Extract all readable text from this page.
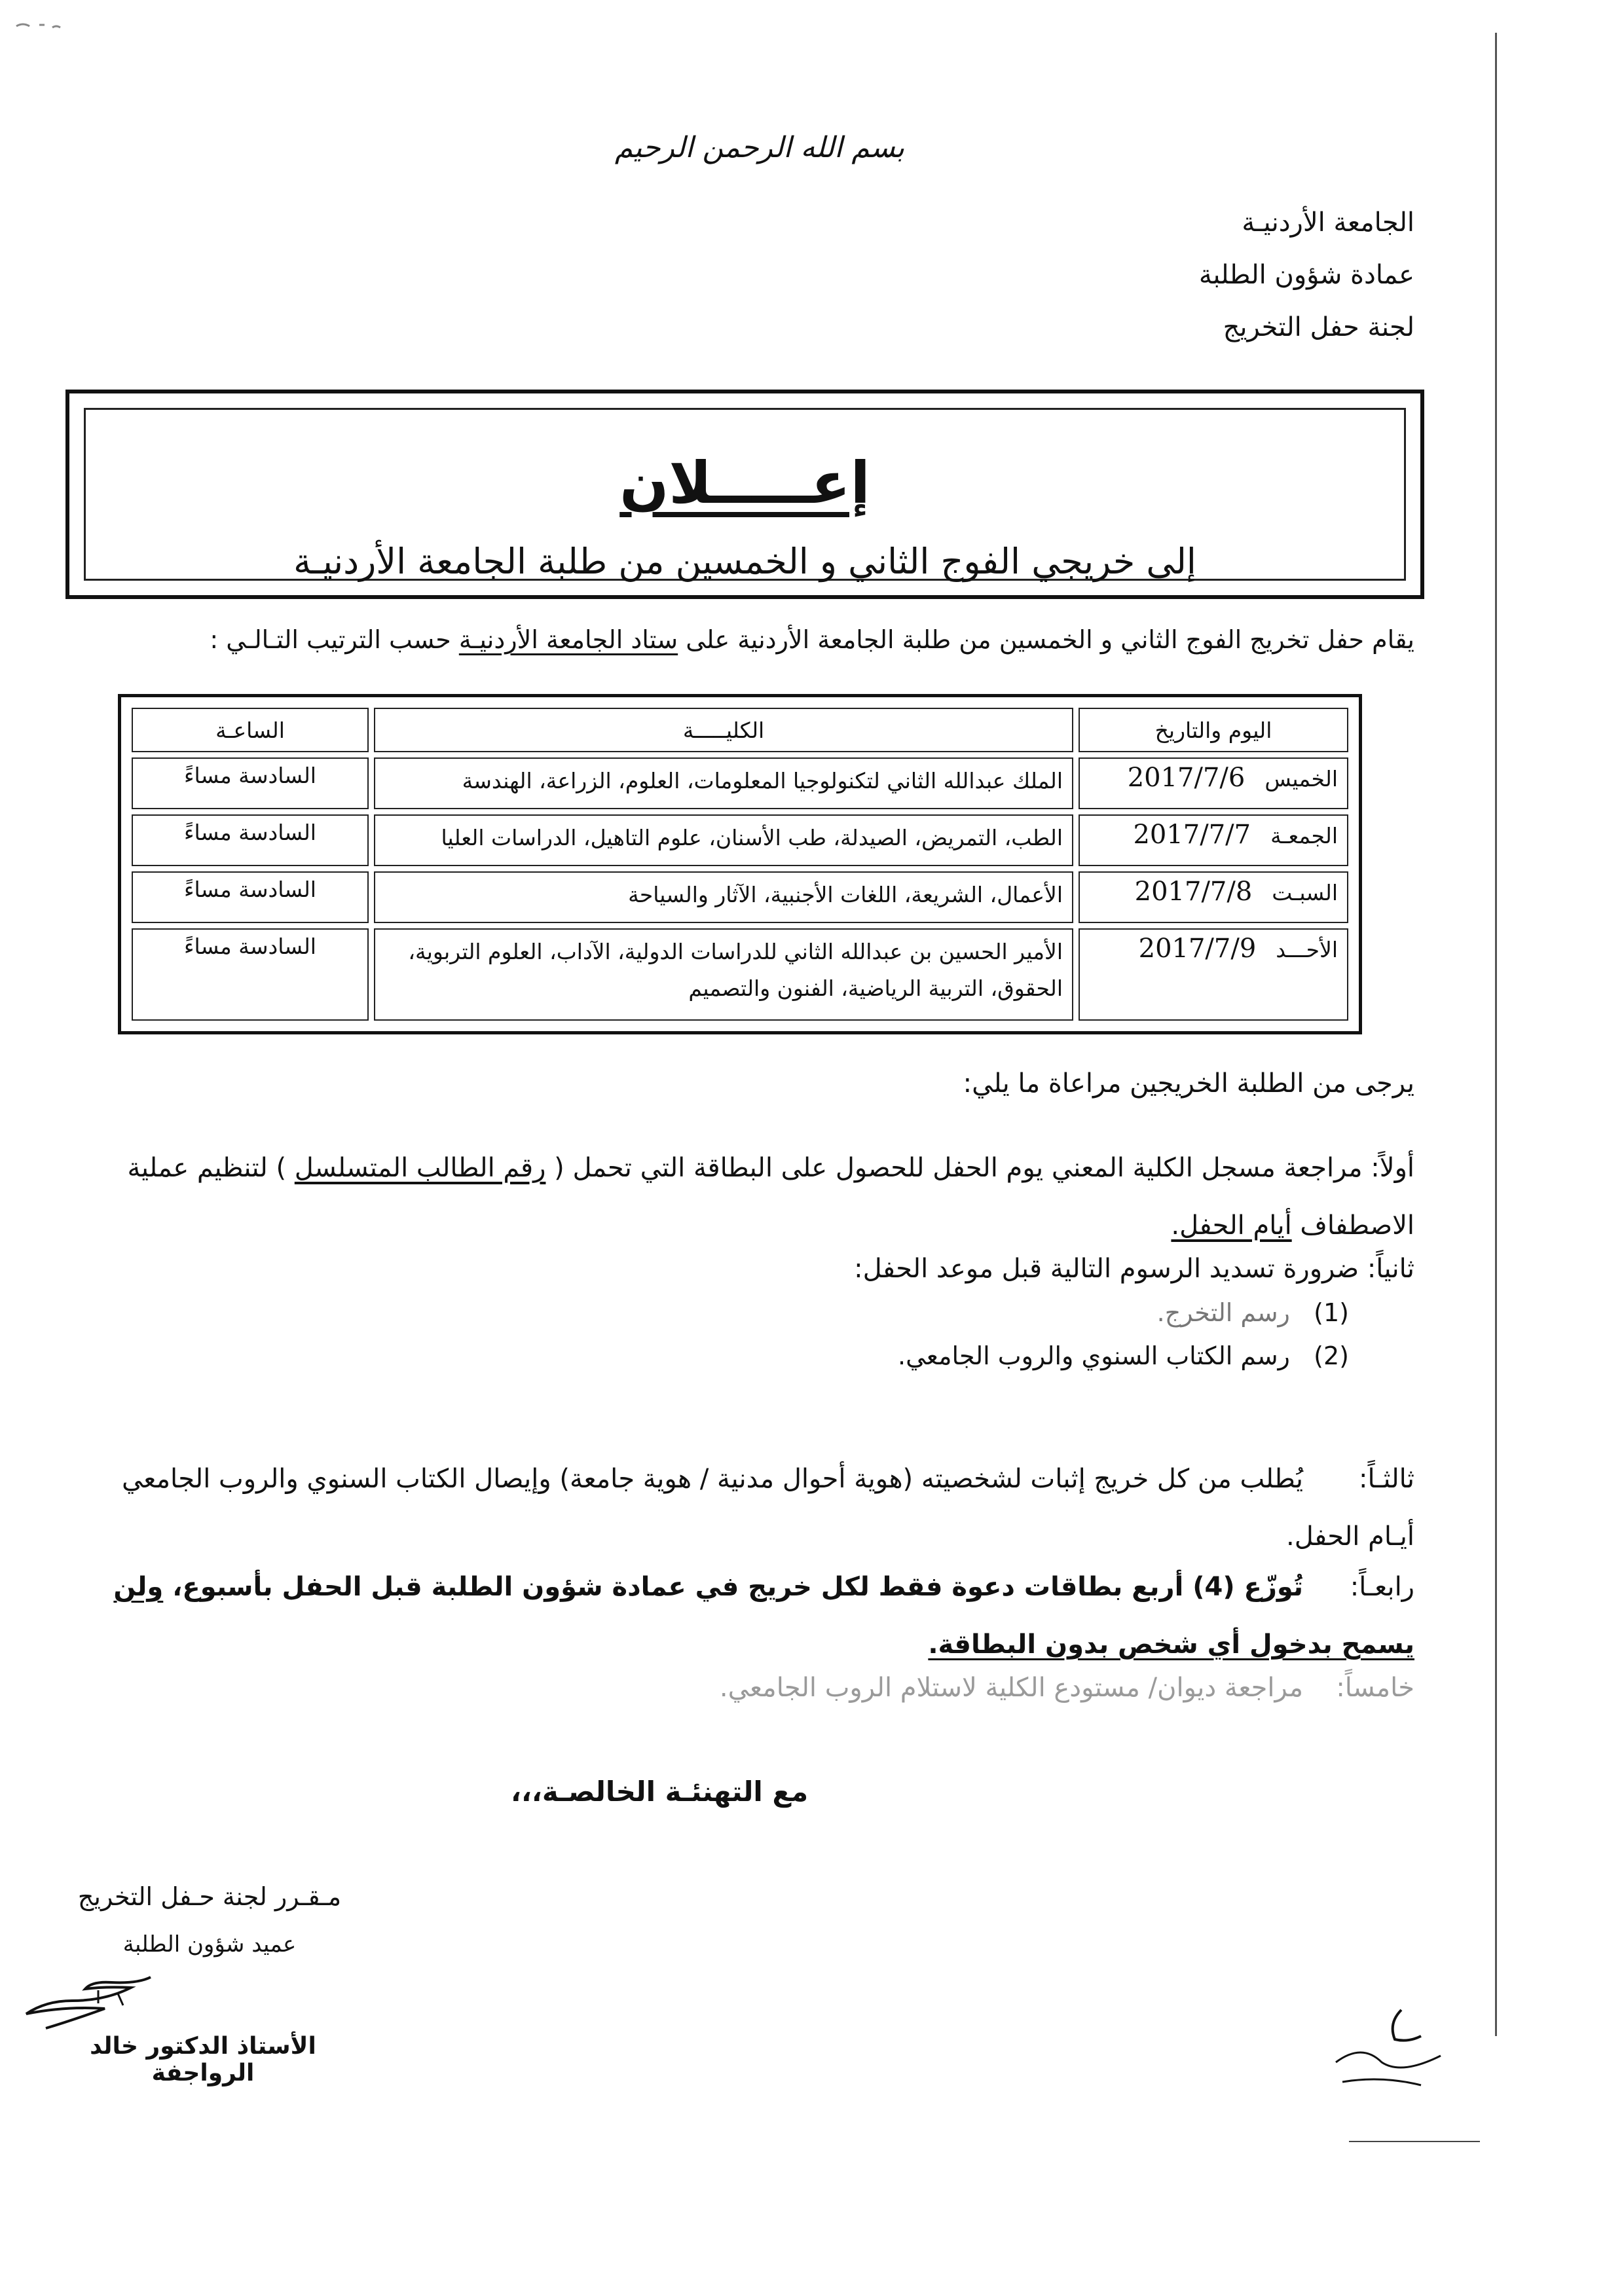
بسم الله الرحمن الرحيم
الجامعة الأردنيـة
عمادة شؤون الطلبة
لجنة حفل التخريج
إعـــــلان
إلى خريجي الفوج الثاني و الخمسين من طلبة الجامعة الأردنيـة
يقام حفل تخريج الفوج الثاني و الخمسين من طلبة الجامعة الأردنية على ستاد الجامعة الأردنيـة حسب الترتيب التـالـي :
اليوم والتاريخ	الكليـــــة	الساعـة
الخميس2017/7/6	الملك عبدالله الثاني لتكنولوجيا المعلومات، العلوم، الزراعة، الهندسة	السادسة مساءً
الجمعـة2017/7/7	الطب، التمريض، الصيدلة، طب الأسنان، علوم التاهيل، الدراسات العليا	السادسة مساءً
السبـت2017/7/8	الأعمال، الشريعة، اللغات الأجنبية، الآثار والسياحة	السادسة مساءً
الأحـــد2017/7/9	الأمير الحسين بن عبدالله الثاني للدراسات الدولية، الآداب، العلوم التربوية، الحقوق، التربية الرياضية، الفنون والتصميم	السادسة مساءً
يرجى من الطلبة الخريجين مراعاة ما يلي:
أولاً: مراجعة مسجل الكلية المعني يوم الحفل للحصول على البطاقة التي تحمل ( رقم الطالب المتسلسل ) لتنظيم عملية الاصطفاف أيام الحفل.
ثانياً: ضرورة تسديد الرسوم التالية قبل موعد الحفل:
(1)   رسم التخرج.
(2)   رسم الكتاب السنوي والروب الجامعي.
ثالثـاً:يُطلب من كل خريج إثبات لشخصيته (هوية أحوال مدنية / هوية جامعة) وإيصال الكتاب السنوي والروب الجامعي أيـام الحفل.
رابعـاً:تُوزّع (4) أربع بطاقات دعوة فقط لكل خريج في عمادة شؤون الطلبة قبل الحفل بأسبوع، ولن يسمح بدخول أي شخص بدون البطاقة.
خامساً:مراجعة ديوان/ مستودع الكلية لاستلام الروب الجامعي.
مع التهنئـة الخالصـة،،،
مـقـرر لجنة حـفل التخريج
عميد شؤون الطلبة
الأستاذ الدكتور خالد الرواجفة
